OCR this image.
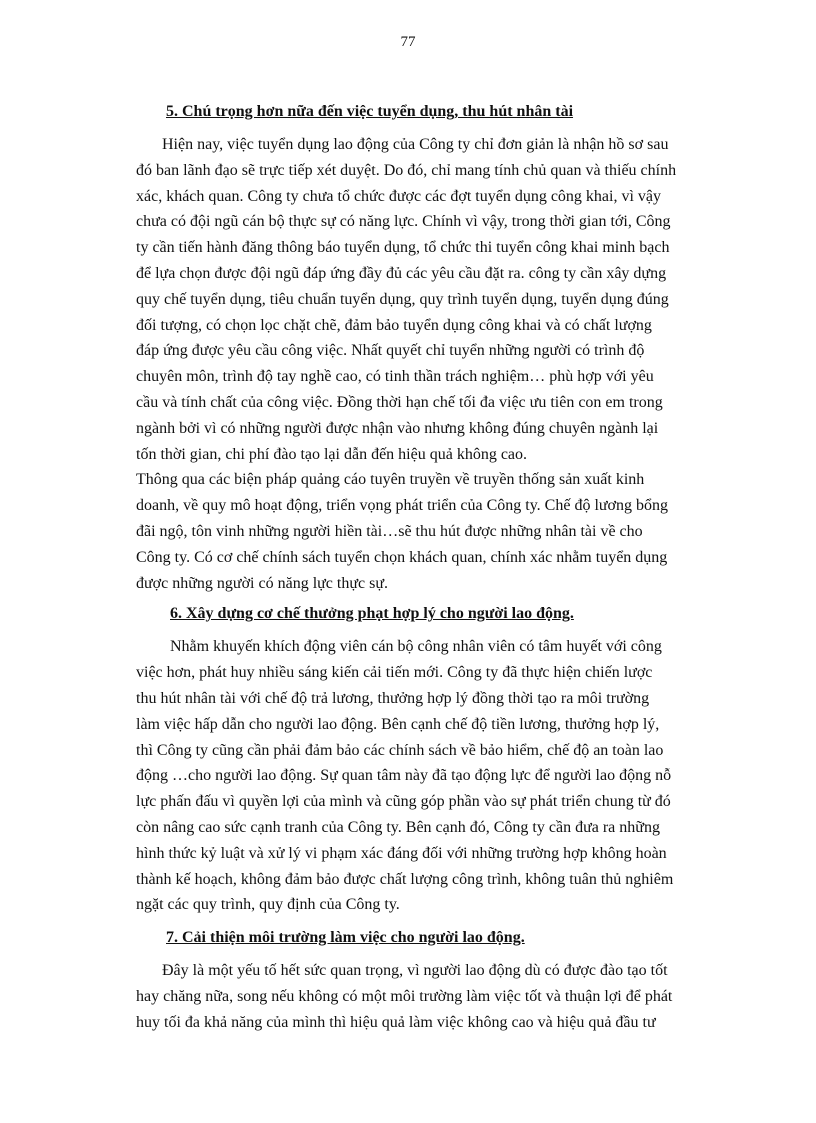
77
5. Chú trọng hơn nữa đến việc tuyển dụng, thu hút nhân tài
Hiện nay, việc tuyển dụng lao động của Công ty chỉ đơn giản là nhận hồ sơ sau
đó ban lãnh đạo sẽ trực tiếp xét duyệt. Do đó, chỉ mang tính chủ quan và thiếu chính
xác, khách quan. Công ty chưa tổ chức được các đợt tuyển dụng công khai, vì vậy
chưa có đội ngũ cán bộ thực sự có năng lực. Chính vì vậy, trong thời gian tới, Công
ty cần tiến hành đăng thông báo tuyển dụng, tổ chức thi tuyển công khai minh bạch
để lựa chọn được đội ngũ đáp ứng đầy đủ các yêu cầu đặt ra. công ty cần xây dựng
quy chế tuyển dụng, tiêu chuẩn tuyển dụng, quy trình tuyển dụng, tuyển dụng đúng
đối tượng, có chọn lọc chặt chẽ, đảm bảo tuyển dụng công khai và có chất lượng
đáp ứng được yêu cầu công việc. Nhất quyết chỉ tuyển những người có trình độ
chuyên môn, trình độ tay nghề cao, có tinh thần trách nghiệm… phù hợp với yêu
cầu và tính chất của công việc. Đồng thời hạn chế tối đa việc ưu tiên con em trong
ngành bởi vì có những người được nhận vào nhưng không đúng chuyên ngành lại
tốn thời gian, chi phí đào tạo lại dẫn đến hiệu quả không cao.
Thông qua các biện pháp quảng cáo tuyên truyền về truyền thống sản xuất kinh
doanh, về quy mô hoạt động, triển vọng phát triển của Công ty. Chế độ lương bổng
đãi ngộ, tôn vinh những người hiền tài…sẽ thu hút được những nhân tài về cho
Công ty. Có cơ chế chính sách tuyển chọn khách quan, chính xác nhằm tuyển dụng
được những người có năng lực thực sự.
6. Xây dựng cơ chế thưởng phạt hợp lý cho người lao động.
Nhằm khuyến khích động viên cán bộ công nhân viên có tâm huyết với công
việc hơn, phát huy nhiều sáng kiến cải tiến mới. Công ty đã thực hiện chiến lược
thu hút nhân tài với chế độ trả lương, thưởng hợp lý đồng thời tạo ra môi trường
làm việc hấp dẫn cho người lao động. Bên cạnh chế độ tiền lương, thưởng hợp lý,
thì Công ty cũng cần phải đảm bảo các chính sách về bảo hiểm, chế độ an toàn lao
động …cho người lao động. Sự quan tâm này đã tạo động lực để người lao động nỗ
lực phấn đấu vì quyền lợi của mình và cũng góp phần vào sự phát triển chung từ đó
còn nâng cao sức cạnh tranh của Công ty. Bên cạnh đó, Công ty cần đưa ra những
hình thức kỷ luật và xử lý vi phạm xác đáng đối với những trường hợp không hoàn
thành kế hoạch, không đảm bảo được chất lượng công trình, không tuân thủ nghiêm
ngặt các quy trình, quy định của Công ty.
7. Cải thiện môi trường làm việc cho người lao động.
Đây là một yếu tố hết sức quan trọng, vì người lao động dù có được đào tạo tốt
hay chăng nữa, song nếu không có một môi trường làm việc tốt và thuận lợi để phát
huy tối đa khả năng của mình thì hiệu quả làm việc không cao và hiệu quả đầu tư
